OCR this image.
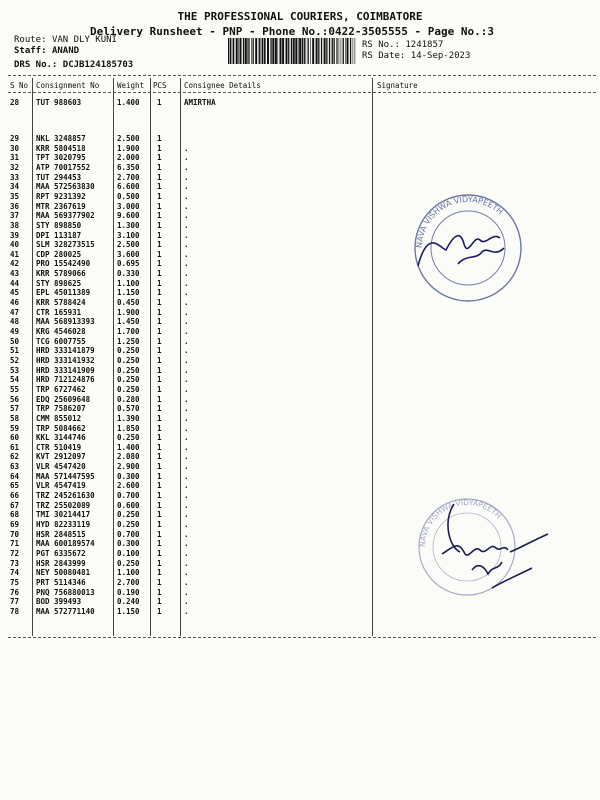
THE PROFESSIONAL COURIERS, COIMBATORE
Delivery Runsheet - PNP - Phone No.:0422-3505555 - Page No.:3
Route: VAN DLY KUNI
Staff: ANAND
DRS No.: DCJB124185703
RS No.: 1241857
RS Date: 14-Sep-2023
S No Consignment No Weight PCS Consignee Details	Signature
28 TUT 988603	1.400 1	AMIRTHA
29 NKL 3248857	2.500 1
30 KRR 5804518	1.900 1	.
31 TPT 3020795	2.000 1	.
32 ATP 70017552	6.350 1	.
33 TUT 294453	2.700 1	.
34 MAA 572563830	6.600 1	.
35 RPT 9231392	0.500 1	.
36 MTR 2367619	3.000 1	.
37 MAA 569377902	9.600 1	.
38 STY 898850	1.300 1	.
39 DPI 113187	3.100 1	.
40 SLM 328273515	2.500 1	.
41 CDP 280025	3.600 1	.
42 PRO 15542490	0.695 1	.
43 KRR 5789066	0.330 1	.
44 STY 898625	1.100 1	.
45 EPL 45011389	1.150 1	.
46 KRR 5788424	0.450 1	.
47 CTR 165931	1.900 1	.
48 MAA 568913393	1.450 1	.
49 KRG 4546028	1.700 1	.
50 TCG 6007755	1.250 1	.
51 HRD 333141879	0.250 1	.
52 HRD 333141932	0.250 1	.
53 HRD 333141909	0.250 1	.
54 HRD 712124876	0.250 1	.
55 TRP 6727462	0.250 1	.
56 EDQ 25609648	0.280 1	.
57 TRP 7586207	0.570 1	.
58 CMM 855012	1.390 1	.
59 TRP 5084662	1.850 1	.
60 KKL 3144746	0.250 1	.
61 CTR 510419	1.400 1	.
62 KVT 2912097	2.080 1	.
63 VLR 4547420	2.900 1	.
64 MAA 571447595	0.300 1	.
65 VLR 4547419	2.600 1	.
66 TRZ 245261630	0.700 1	.
67 TRZ 25502089	0.600 1	.
68 TMI 30214417	0.250 1	.
69 HYD 82233119	0.250 1	.
70 HSR 2848515	0.700 1	.
71 MAA 600189574	0.300 1	.
72 PGT 6335672	0.100 1	.
73 HSR 2843999	0.250 1	.
74 NEY 50080481	1.100 1	.
75 PRT 5114346	2.700 1	.
76 PNQ 756880013	0.190 1	.
77 BOD 399493	0.240 1	.
78 MAA 572771140	1.150 1	.
NAVA VISHWA VIDYAPEETH
NAVA VISHWA VIDYAPEETH
